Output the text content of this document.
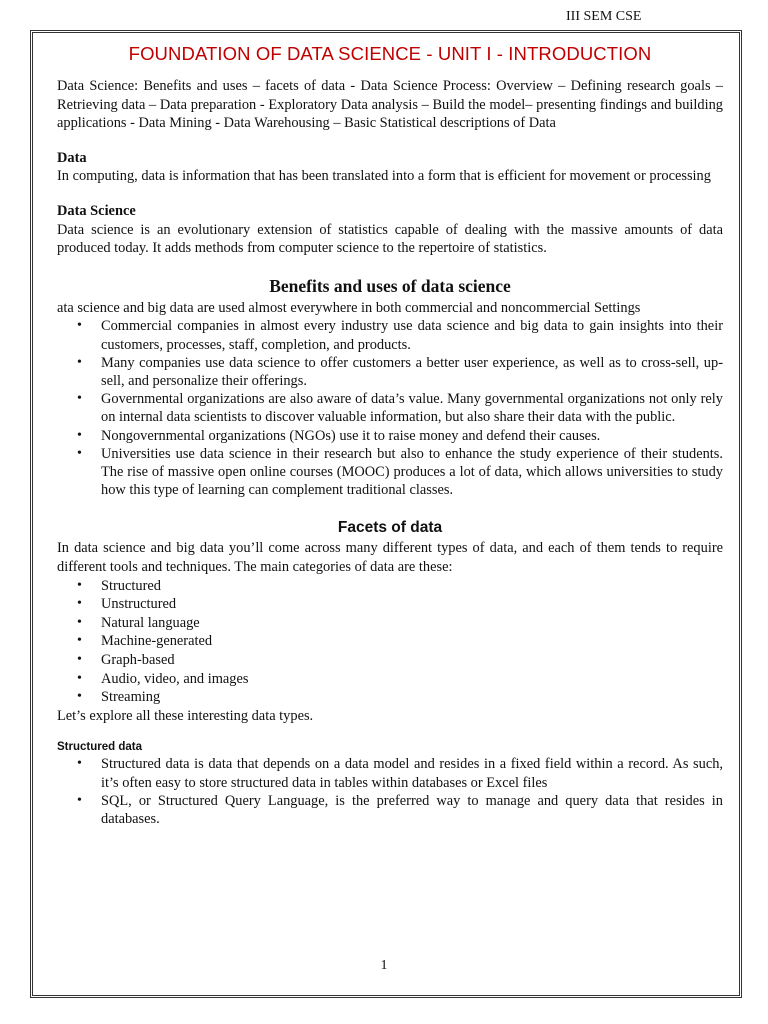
III SEM CSE
FOUNDATION OF DATA SCIENCE - UNIT I - INTRODUCTION

Data Science: Benefits and uses – facets of data - Data Science Process: Overview – Defining research goals – Retrieving data – Data preparation - Exploratory Data analysis – Build the model– presenting findings and building applications - Data Mining - Data Warehousing – Basic Statistical descriptions of Data

Data

In computing, data is information that has been translated into a form that is efficient for movement or processing

Data Science

Data science is an evolutionary extension of statistics capable of dealing with the massive amounts of data produced today. It adds methods from computer science to the repertoire of statistics.

Benefits and uses of data science

ata science and big data are used almost everywhere in both commercial and noncommercial Settings

• Commercial companies in almost every industry use data science and big data to gain insights into their customers, processes, staff, completion, and products.
• Many companies use data science to offer customers a better user experience, as well as to cross-sell, up-sell, and personalize their offerings.
• Governmental organizations are also aware of data’s value. Many governmental organizations not only rely on internal data scientists to discover valuable information, but also share their data with the public.
• Nongovernmental organizations (NGOs) use it to raise money and defend their causes.
• Universities use data science in their research but also to enhance the study experience of their students. The rise of massive open online courses (MOOC) produces a lot of data, which allows universities to study how this type of learning can complement traditional classes.
Facets of data

In data science and big data you’ll come across many different types of data, and each of them tends to require different tools and techniques. The main categories of data are these:

• Structured
• Unstructured
• Natural language
• Machine-generated
• Graph-based
• Audio, video, and images
• Streaming

Let’s explore all these interesting data types.

Structured data
• Structured data is data that depends on a data model and resides in a fixed field within a record. As such, it’s often easy to store structured data in tables within databases or Excel files
• SQL, or Structured Query Language, is the preferred way to manage and query data that resides in databases.
1
